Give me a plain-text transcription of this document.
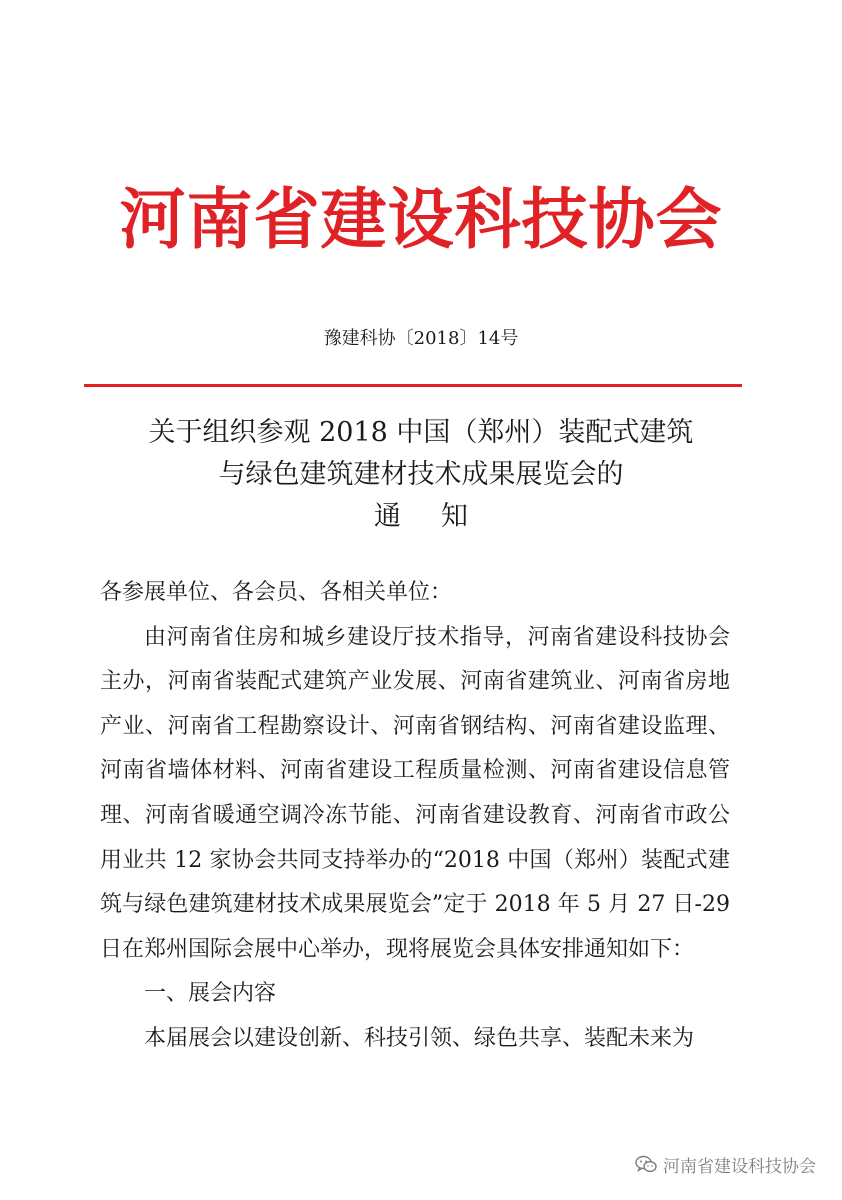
河南省建设科技协会
豫建科协〔2018〕14号
关于组织参观 2018 中国（郑州）装配式建筑
与绿色建筑建材技术成果展览会的
通知

各参展单位、各会员、各相关单位：

由河南省住房和城乡建设厅技术指导，河南省建设科技协会主办，河南省装配式建筑产业发展、河南省建筑业、河南省房地产业、河南省工程勘察设计、河南省钢结构、河南省建设监理、河南省墙体材料、河南省建设工程质量检测、河南省建设信息管理、河南省暖通空调冷冻节能、河南省建设教育、河南省市政公用业共 12 家协会共同支持举办的“2018 中国（郑州）装配式建筑与绿色建筑建材技术成果展览会”定于 2018 年 5 月 27 日-29 日在郑州国际会展中心举办，现将展览会具体安排通知如下：

一、展会内容

本届展会以建设创新、科技引领、绿色共享、装配未来为

河南省建设科技协会
